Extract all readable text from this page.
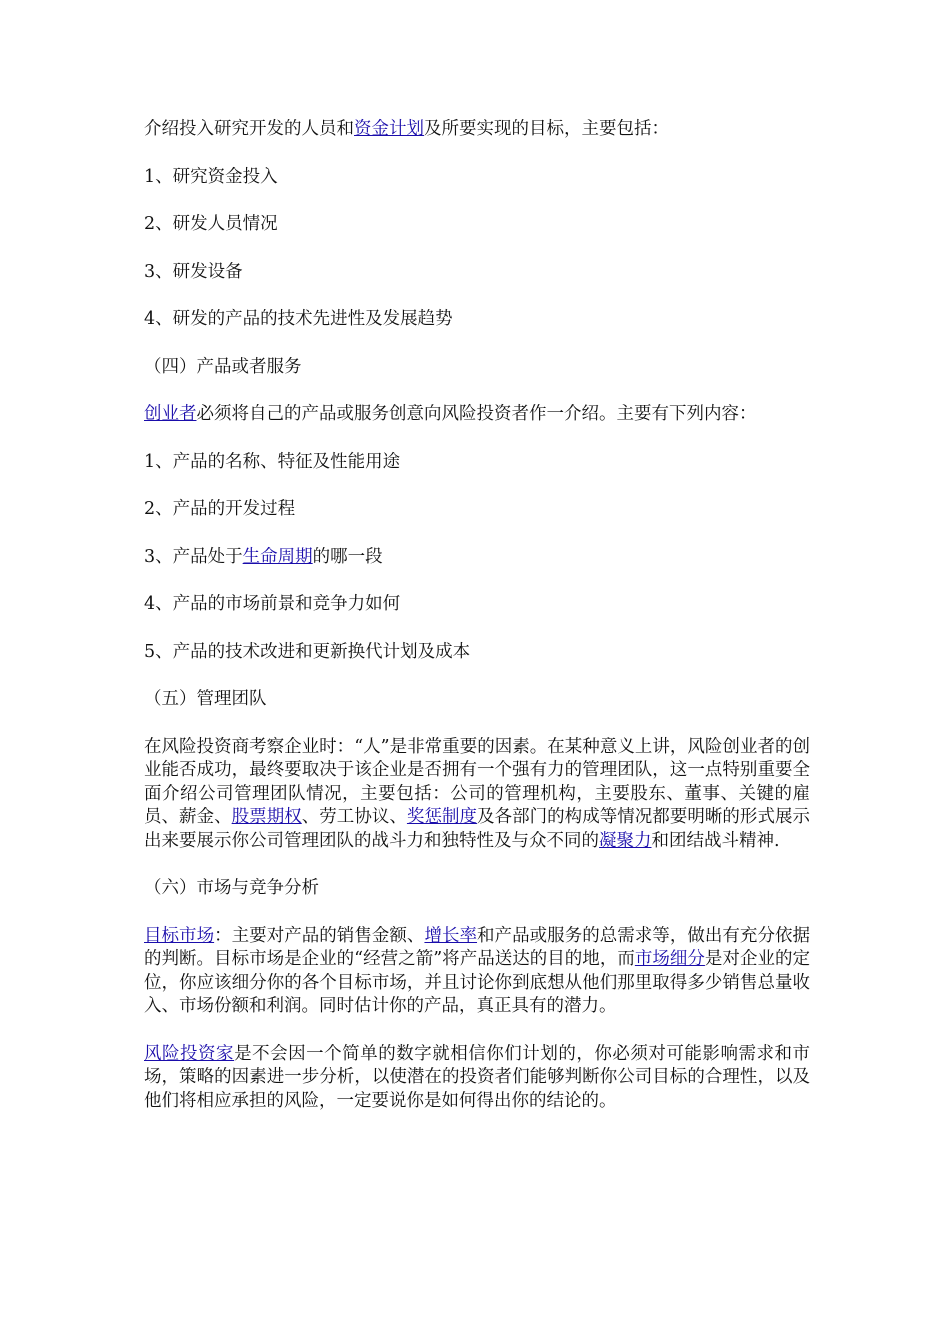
介绍投入研究开发的人员和资金计划及所要实现的目标，主要包括：

1、研究资金投入

2、研发人员情况

3、研发设备

4、研发的产品的技术先进性及发展趋势

（四）产品或者服务

创业者必须将自己的产品或服务创意向风险投资者作一介绍。主要有下列内容：

1、产品的名称、特征及性能用途

2、产品的开发过程

3、产品处于生命周期的哪一段

4、产品的市场前景和竞争力如何

5、产品的技术改进和更新换代计划及成本

（五）管理团队

在风险投资商考察企业时：“人”是非常重要的因素。在某种意义上讲，风险创业者的创业能否成功，最终要取决于该企业是否拥有一个强有力的管理团队，这一点特别重要全面介绍公司管理团队情况，主要包括：公司的管理机构，主要股东、董事、关键的雇员、薪金、股票期权、劳工协议、奖惩制度及各部门的构成等情况都要明晰的形式展示出来要展示你公司管理团队的战斗力和独特性及与众不同的凝聚力和团结战斗精神.

（六）市场与竞争分析

目标市场：主要对产品的销售金额、增长率和产品或服务的总需求等，做出有充分依据的判断。目标市场是企业的“经营之箭”将产品送达的目的地，而市场细分是对企业的定位，你应该细分你的各个目标市场，并且讨论你到底想从他们那里取得多少销售总量收入、市场份额和利润。同时估计你的产品，真正具有的潜力。

风险投资家是不会因一个简单的数字就相信你们计划的，你必须对可能影响需求和市场，策略的因素进一步分析，以使潜在的投资者们能够判断你公司目标的合理性，以及他们将相应承担的风险，一定要说你是如何得出你的结论的。
